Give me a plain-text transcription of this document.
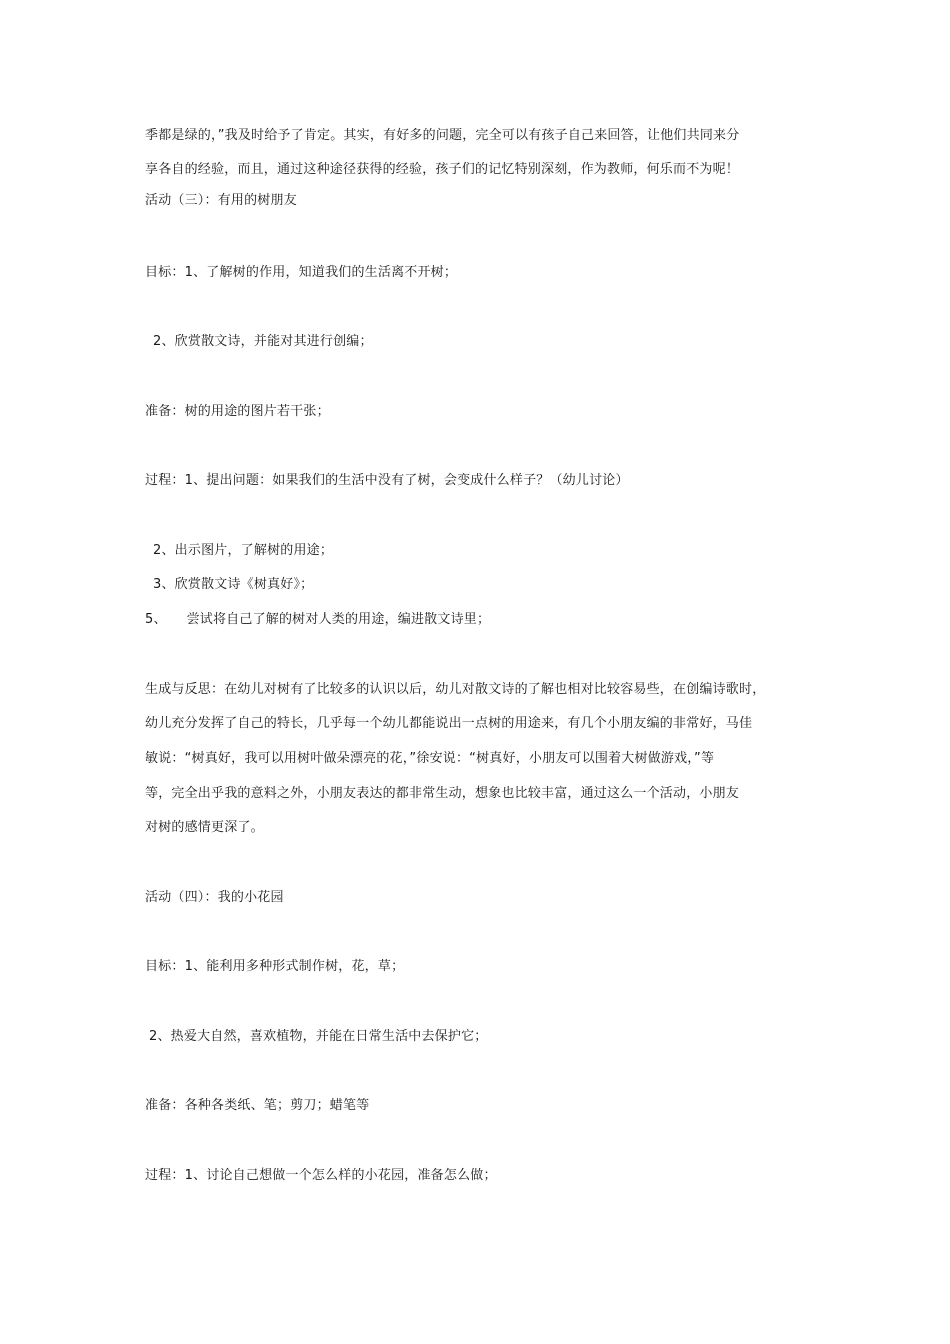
季都是绿的，”我及时给予了肯定。其实，有好多的问题，完全可以有孩子自己来回答，让他们共同来分
享各自的经验，而且，通过这种途径获得的经验，孩子们的记忆特别深刻，作为教师，何乐而不为呢！
活动（三）：有用的树朋友
目标：1、了解树的作用，知道我们的生活离不开树；
2、欣赏散文诗，并能对其进行创编；
准备：树的用途的图片若干张；
过程：1、提出问题：如果我们的生活中没有了树，会变成什么样子？（幼儿讨论）
2、出示图片，了解树的用途；
3、欣赏散文诗《树真好》；
5、　　尝试将自己了解的树对人类的用途，编进散文诗里；
生成与反思：在幼儿对树有了比较多的认识以后，幼儿对散文诗的了解也相对比较容易些，在创编诗歌时，
幼儿充分发挥了自己的特长，几乎每一个幼儿都能说出一点树的用途来，有几个小朋友编的非常好，马佳
敏说：“树真好，我可以用树叶做朵漂亮的花，”徐安说：“树真好，小朋友可以围着大树做游戏，”等
等，完全出乎我的意料之外，小朋友表达的都非常生动，想象也比较丰富，通过这么一个活动，小朋友
对树的感情更深了。
活动（四）：我的小花园
目标：1、能利用多种形式制作树，花，草；
2、热爱大自然，喜欢植物，并能在日常生活中去保护它；
准备：各种各类纸、笔；剪刀；蜡笔等
过程：1、讨论自己想做一个怎么样的小花园，准备怎么做；
